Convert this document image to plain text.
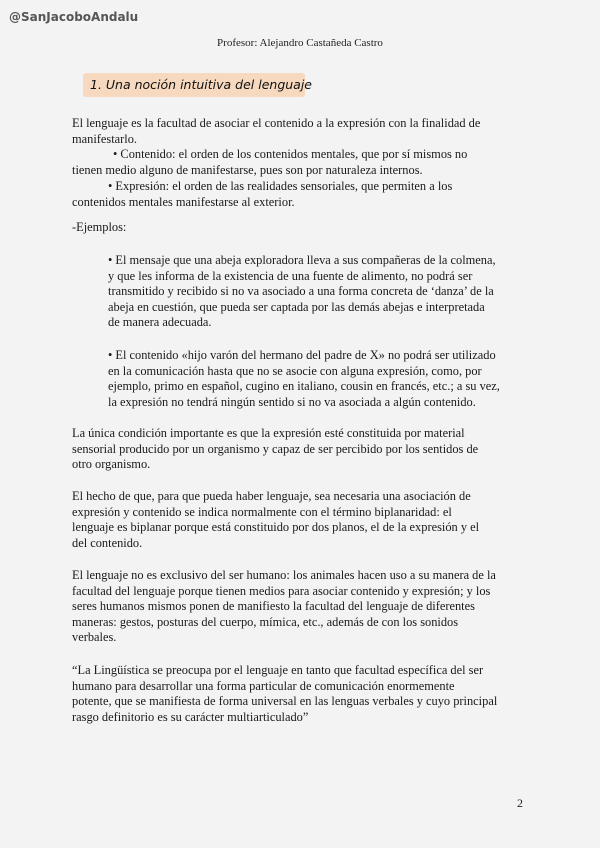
@SanJacoboAndalu
Profesor: Alejandro Castañeda Castro
1. Una noción intuitiva del lenguaje
El lenguaje es la facultad de asociar el contenido a la expresión con la finalidad de
manifestarlo.
• Contenido: el orden de los contenidos mentales, que por sí mismos no
tienen medio alguno de manifestarse, pues son por naturaleza internos.
• Expresión: el orden de las realidades sensoriales, que permiten a los
contenidos mentales manifestarse al exterior.
-Ejemplos:
• El mensaje que una abeja exploradora lleva a sus compañeras de la colmena,
y que les informa de la existencia de una fuente de alimento, no podrá ser
transmitido y recibido si no va asociado a una forma concreta de ‘danza’ de la
abeja en cuestión, que pueda ser captada por las demás abejas e interpretada
de manera adecuada.
• El contenido «hijo varón del hermano del padre de X» no podrá ser utilizado
en la comunicación hasta que no se asocie con alguna expresión, como, por
ejemplo, primo en español, cugino en italiano, cousin en francés, etc.; a su vez,
la expresión no tendrá ningún sentido si no va asociada a algún contenido.
La única condición importante es que la expresión esté constituida por material
sensorial producido por un organismo y capaz de ser percibido por los sentidos de
otro organismo.
El hecho de que, para que pueda haber lenguaje, sea necesaria una asociación de
expresión y contenido se indica normalmente con el término biplanaridad: el
lenguaje es biplanar porque está constituido por dos planos, el de la expresión y el
del contenido.
El lenguaje no es exclusivo del ser humano: los animales hacen uso a su manera de la
facultad del lenguaje porque tienen medios para asociar contenido y expresión; y los
seres humanos mismos ponen de manifiesto la facultad del lenguaje de diferentes
maneras: gestos, posturas del cuerpo, mímica, etc., además de con los sonidos
verbales.
“La Lingüística se preocupa por el lenguaje en tanto que facultad específica del ser
humano para desarrollar una forma particular de comunicación enormemente
potente, que se manifiesta de forma universal en las lenguas verbales y cuyo principal
rasgo definitorio es su carácter multiarticulado”
2
